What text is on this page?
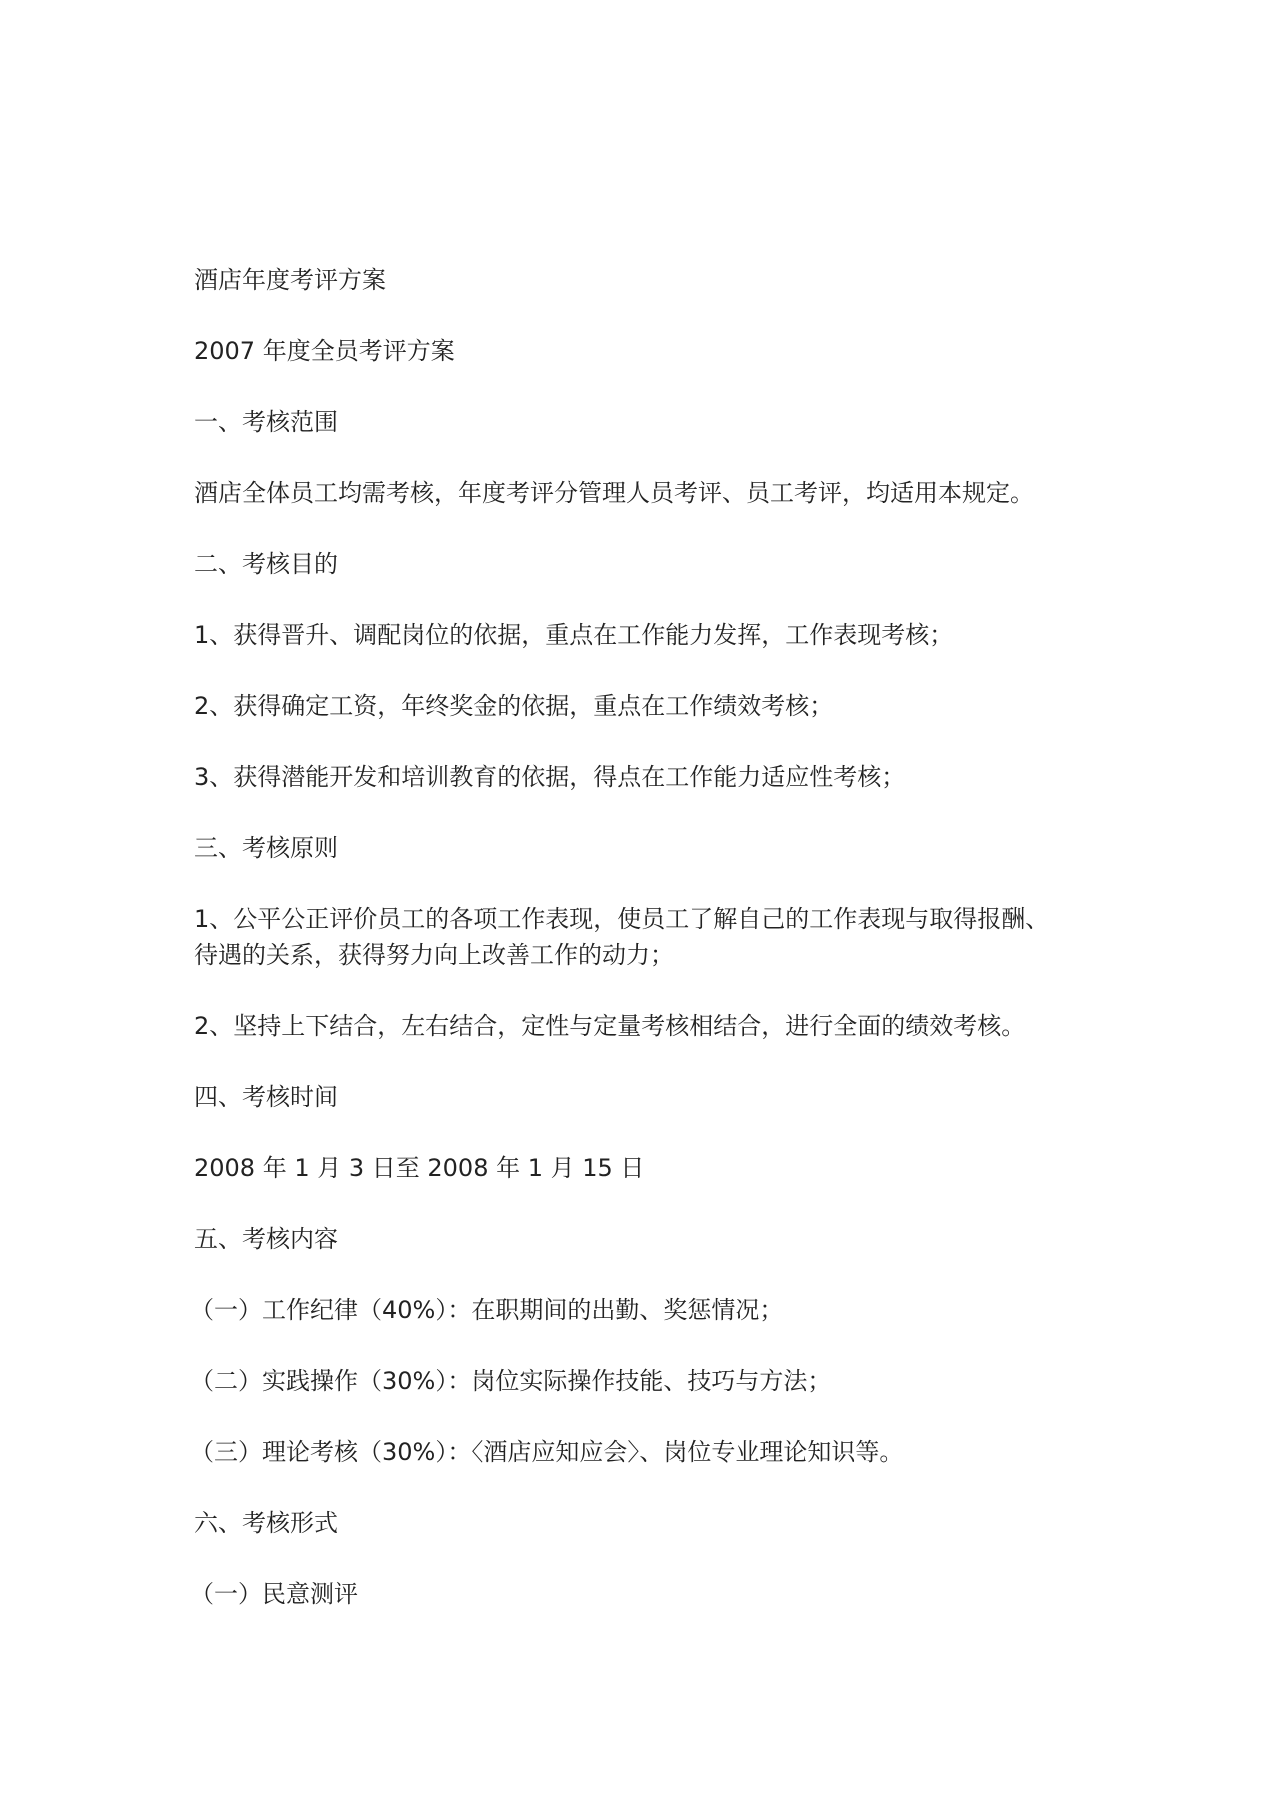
酒店年度考评方案
2007 年度全员考评方案
一、考核范围
酒店全体员工均需考核，年度考评分管理人员考评、员工考评，均适用本规定。
二、考核目的
1、获得晋升、调配岗位的依据，重点在工作能力发挥，工作表现考核；
2、获得确定工资，年终奖金的依据，重点在工作绩效考核；
3、获得潜能开发和培训教育的依据，得点在工作能力适应性考核；
三、考核原则
1、公平公正评价员工的各项工作表现，使员工了解自己的工作表现与取得报酬、
待遇的关系，获得努力向上改善工作的动力；
2、坚持上下结合，左右结合，定性与定量考核相结合，进行全面的绩效考核。
四、考核时间
2008 年 1 月 3 日至 2008 年 1 月 15 日
五、考核内容
（一）工作纪律（40%）：在职期间的出勤、奖惩情况；
（二）实践操作（30%）：岗位实际操作技能、技巧与方法；
（三）理论考核（30%）：〈酒店应知应会〉、岗位专业理论知识等。
六、考核形式
（一）民意测评
